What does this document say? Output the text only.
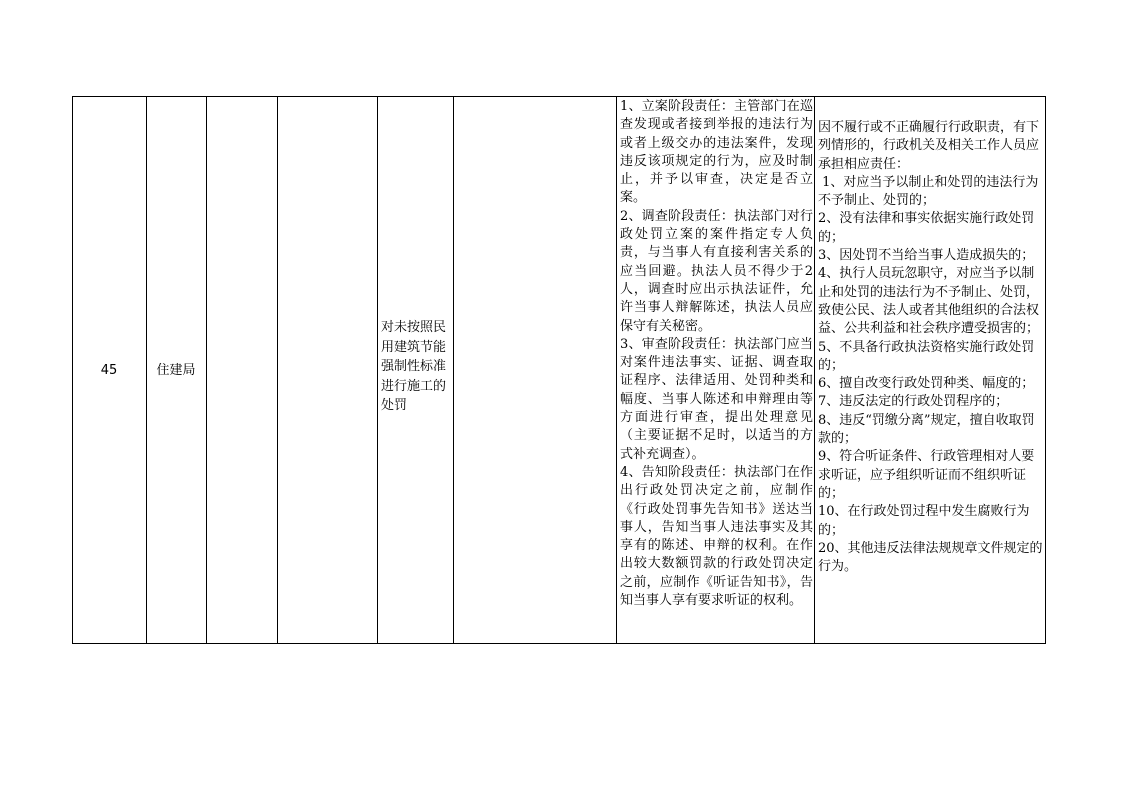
45	住建局
对未按照民用建筑节能强制性标准进行施工的处罚

1、立案阶段责任：主管部门在巡查发现或者接到举报的违法行为或者上级交办的违法案件，发现违反该项规定的行为，应及时制止，并予以审查，决定是否立案。

2、调查阶段责任：执法部门对行政处罚立案的案件指定专人负责，与当事人有直接利害关系的应当回避。执法人员不得少于2人，调查时应出示执法证件，允许当事人辩解陈述，执法人员应保守有关秘密。

3、审查阶段责任：执法部门应当对案件违法事实、证据、调查取证程序、法律适用、处罚种类和幅度、当事人陈述和申辩理由等方面进行审查，提出处理意见（主要证据不足时，以适当的方式补充调查）。

4、告知阶段责任：执法部门在作出行政处罚决定之前，应制作《行政处罚事先告知书》送达当事人，告知当事人违法事实及其享有的陈述、申辩的权利。在作出较大数额罚款的行政处罚决定之前，应制作《听证告知书》，告知当事人享有要求听证的权利。

因不履行或不正确履行行政职责，有下列情形的，行政机关及相关工作人员应承担相应责任：

1、对应当予以制止和处罚的违法行为不予制止、处罚的；

2、没有法律和事实依据实施行政处罚的；

3、因处罚不当给当事人造成损失的；

4、执行人员玩忽职守，对应当予以制止和处罚的违法行为不予制止、处罚，致使公民、法人或者其他组织的合法权益、公共利益和社会秩序遭受损害的；

5、不具备行政执法资格实施行政处罚的；

6、擅自改变行政处罚种类、幅度的；

7、违反法定的行政处罚程序的；

8、违反“罚缴分离”规定，擅自收取罚款的；

9、符合听证条件、行政管理相对人要求听证，应予组织听证而不组织听证的；

10、在行政处罚过程中发生腐败行为的；

20、其他违反法律法规规章文件规定的行为。
